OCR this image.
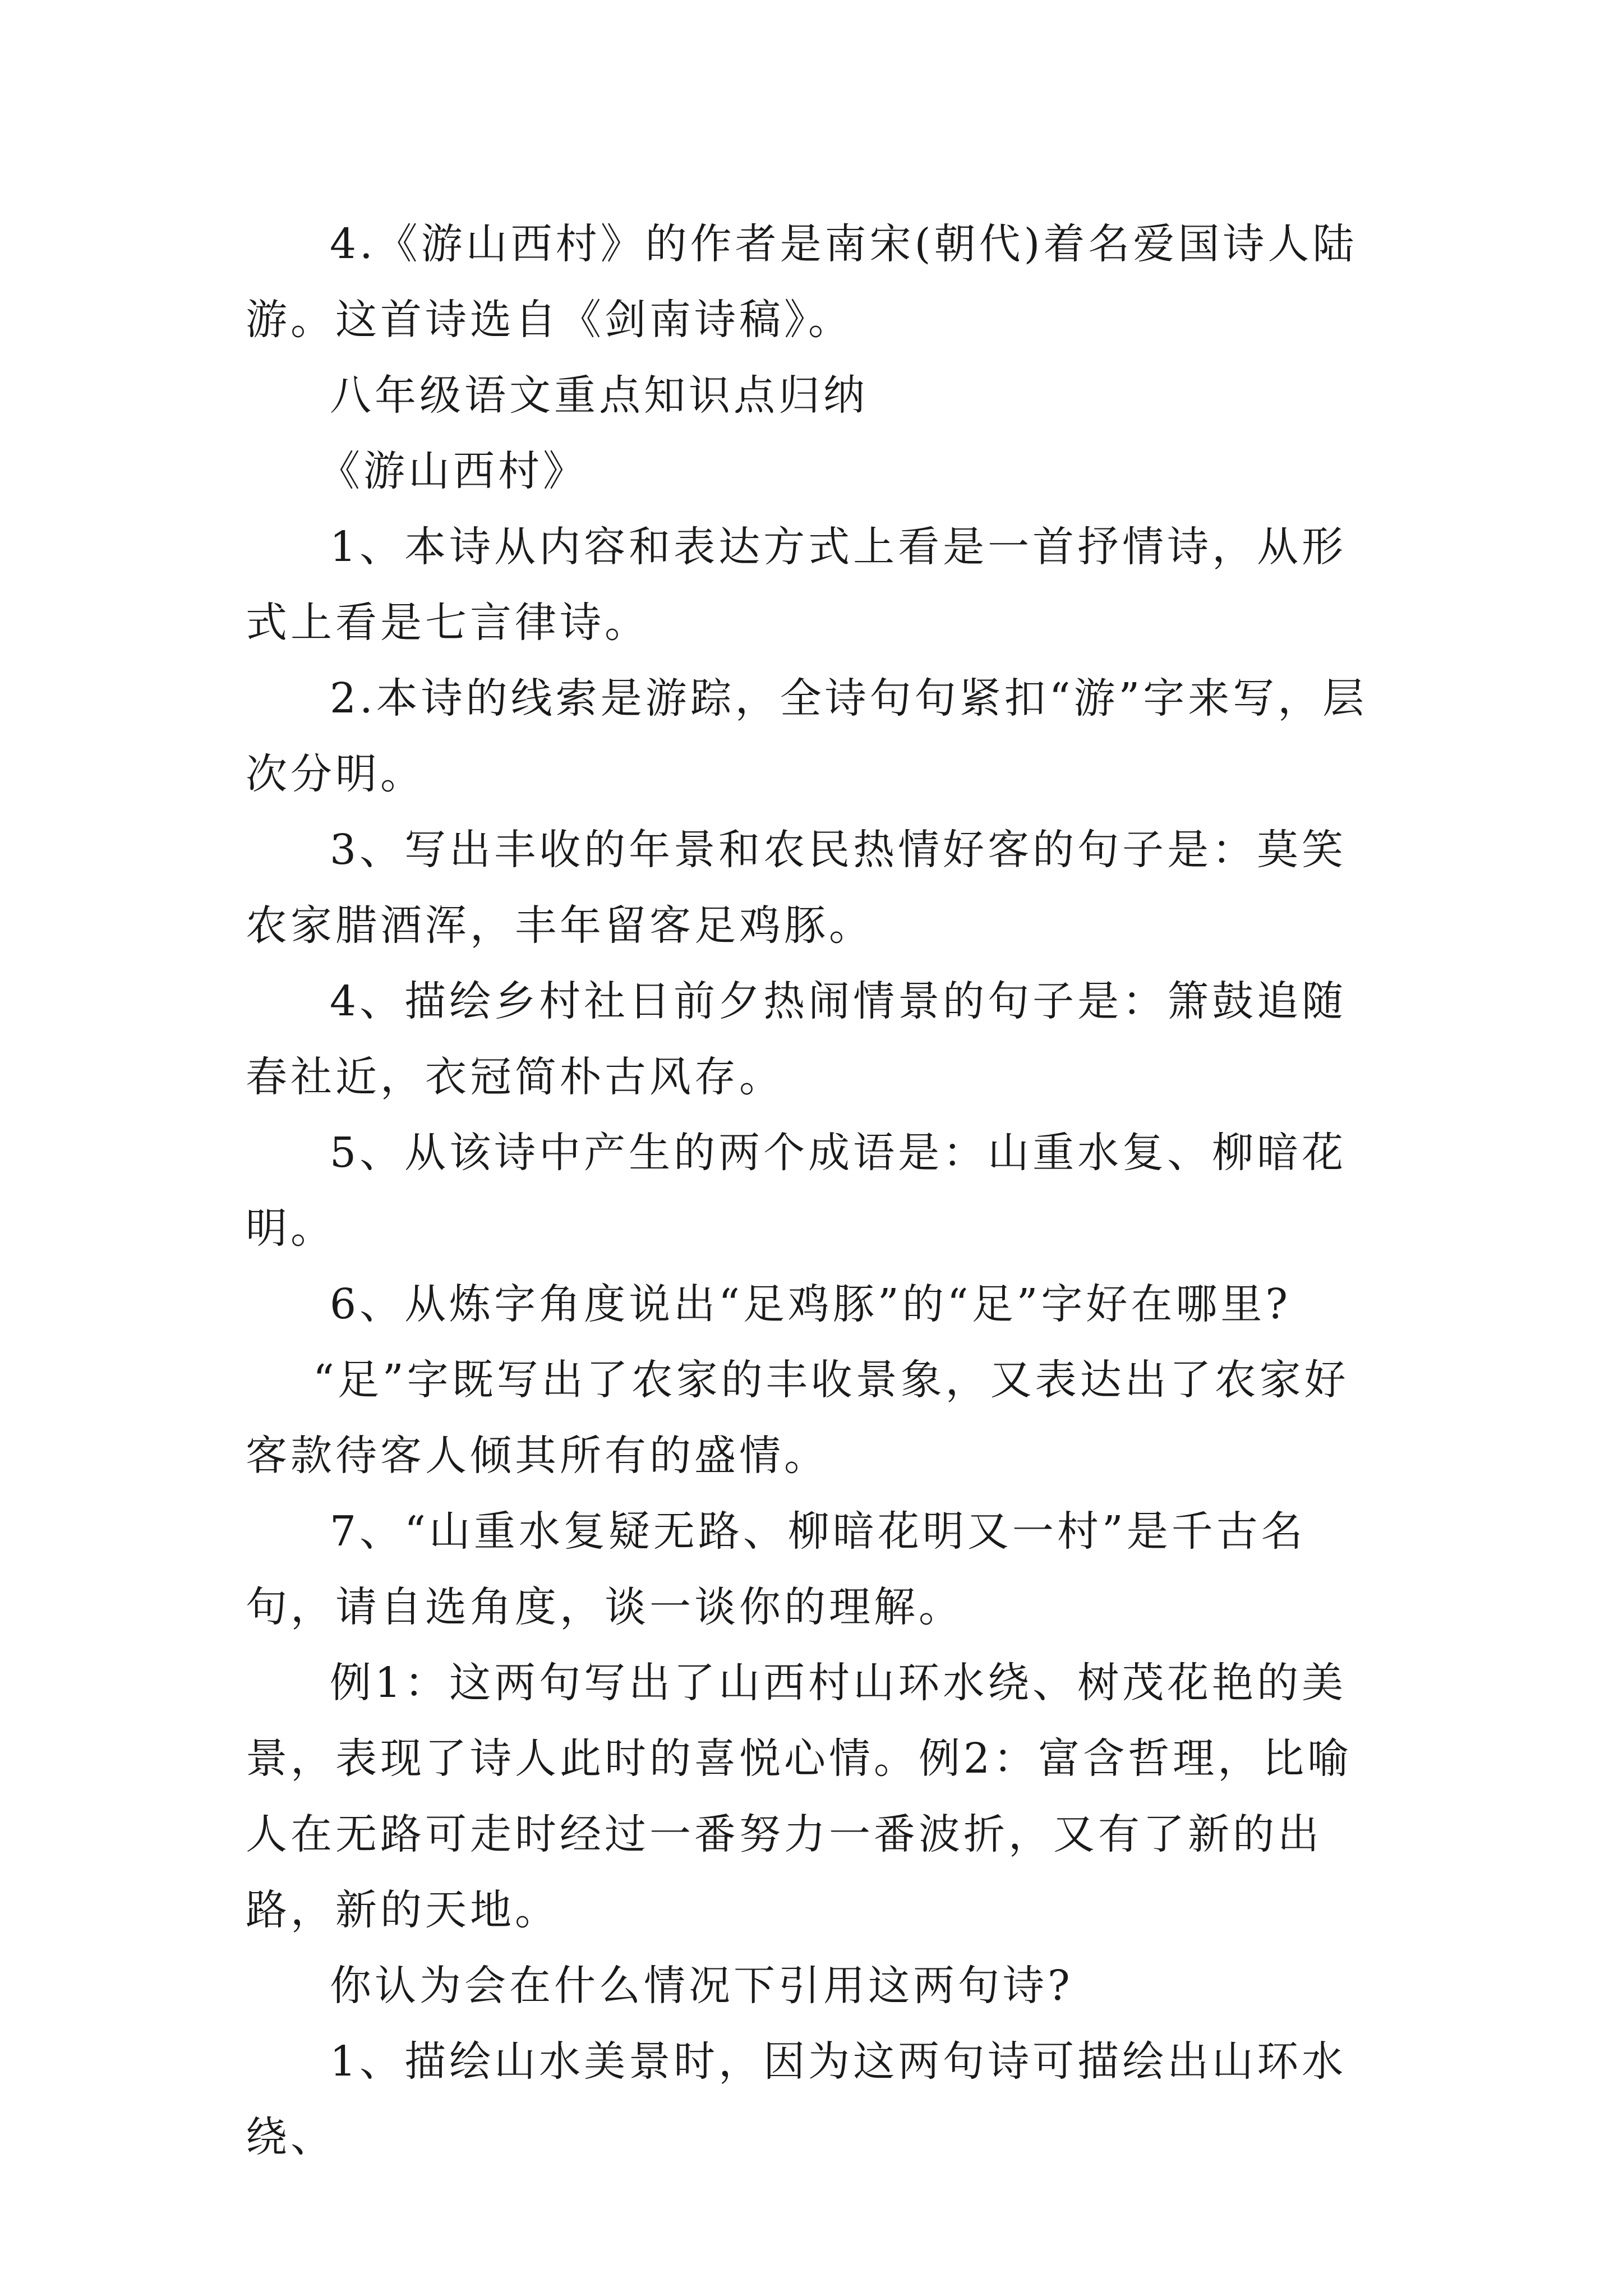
4.《游山西村》的作者是南宋(朝代)着名爱国诗人陆游。这首诗选自《剑南诗稿》。

八年级语文重点知识点归纳

《游山西村》

1、本诗从内容和表达方式上看是一首抒情诗，从形式上看是七言律诗。

2.本诗的线索是游踪，全诗句句紧扣“游”字来写，层次分明。

3、写出丰收的年景和农民热情好客的句子是：莫笑农家腊酒浑，丰年留客足鸡豚。

4、描绘乡村社日前夕热闹情景的句子是：箫鼓追随春社近，衣冠简朴古风存。

5、从该诗中产生的两个成语是：山重水复、柳暗花明。

6、从炼字角度说出“足鸡豚”的“足”字好在哪里?

“足”字既写出了农家的丰收景象，又表达出了农家好客款待客人倾其所有的盛情。

7、“山重水复疑无路、柳暗花明又一村”是千古名句，请自选角度，谈一谈你的理解。

例1：这两句写出了山西村山环水绕、树茂花艳的美景，表现了诗人此时的喜悦心情。例2：富含哲理，比喻人在无路可走时经过一番努力一番波折，又有了新的出路，新的天地。

你认为会在什么情况下引用这两句诗?

1、描绘山水美景时，因为这两句诗可描绘出山环水绕、
